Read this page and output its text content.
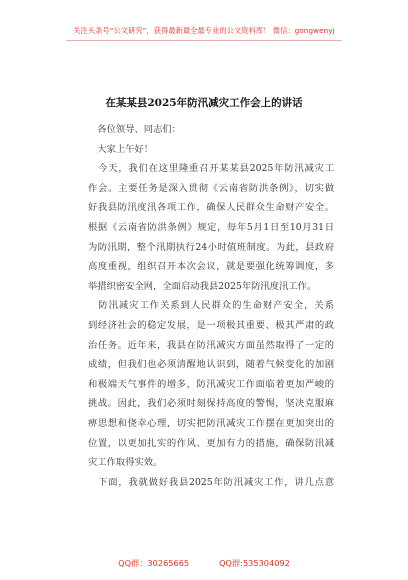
关注头条号“公文研究”，获得最新最全最专业的公文资料库！ 微信：gongwenyj
在某某县2025年防汛减灾工作会上的讲话
　各位领导、同志们：
　大家上午好！
　今天，我们在这里隆重召开某某县2025年防汛减灾工
作会。主要任务是深入贯彻《云南省防洪条例》，切实做
好我县防汛度汛各项工作，确保人民群众生命财产安全。
根据《云南省防洪条例》规定，每年5月1日至10月31日
为防汛期，整个汛期执行24小时值班制度。为此，县政府
高度重视，组织召开本次会议，就是要强化统筹调度，多
举措织密安全网，全面启动我县2025年防汛度汛工作。
　防汛减灾工作关系到人民群众的生命财产安全，关系
到经济社会的稳定发展，是一项极其重要、极其严肃的政
治任务。近年来，我县在防汛减灾方面虽然取得了一定的
成绩，但我们也必须清醒地认识到，随着气候变化的加剧
和极端天气事件的增多，防汛减灾工作面临着更加严峻的
挑战。因此，我们必须时刻保持高度的警惕，坚决克服麻
痹思想和侥幸心理，切实把防汛减灾工作摆在更加突出的
位置，以更加扎实的作风、更加有力的措施，确保防汛减
灾工作取得实效。
　下面，我就做好我县2025年防汛减灾工作，讲几点意
QQ群：30265665	QQ群:535304092
